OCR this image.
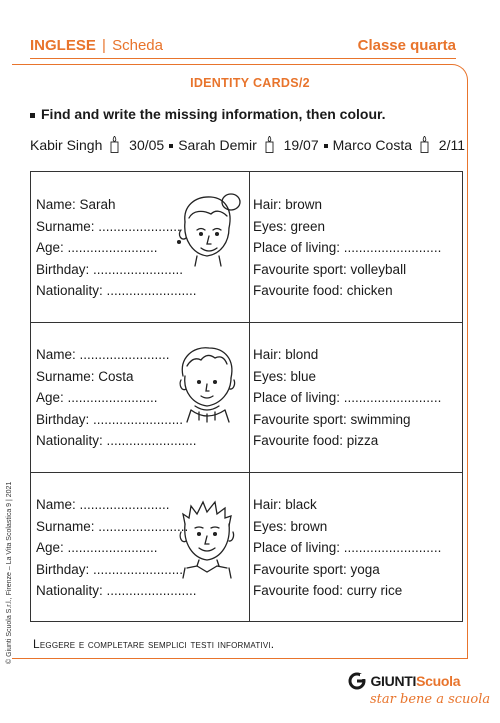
INGLESE | Scheda	Classe quarta
IDENTITY CARDS/2
Find and write the missing information, then colour.
Kabir Singh 30/05 Sarah Demir 19/07 Marco Costa 2/11
Name: Sarah
Surname: ......................
Age: ........................
Birthday: ........................
Nationality: ........................
Hair: brown
Eyes: green
Place of living: ..........................
Favourite sport: volleyball
Favourite food: chicken
Name: ........................
Surname: Costa
Age: ........................
Birthday: ........................
Nationality: ........................
Hair: blond
Eyes: blue
Place of living: ..........................
Favourite sport: swimming
Favourite food: pizza
Name: ........................
Surname: ........................
Age: ........................
Birthday: ........................
Nationality: ........................
Hair: black
Eyes: brown
Place of living: ..........................
Favourite sport: yoga
Favourite food: curry rice
Leggere e completare semplici testi informativi.
© Giunti Scuola S.r.l., Firenze – La Vita Scolastica 9 | 2021
GIUNTIScuola
star bene a scuola
